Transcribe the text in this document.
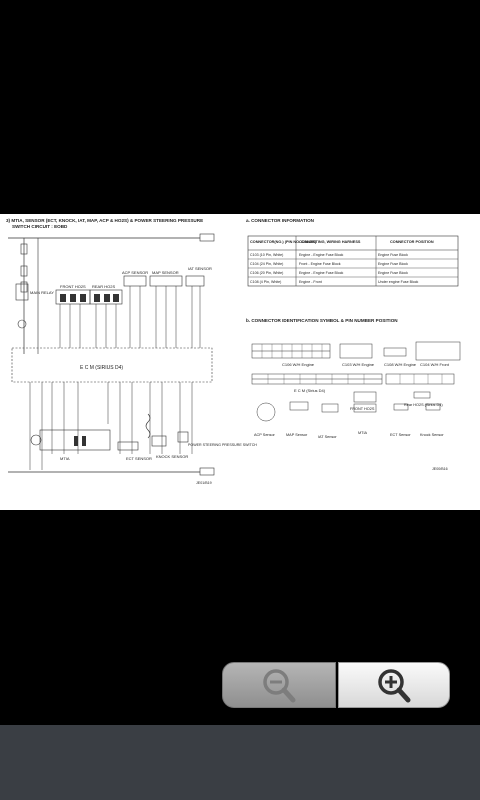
3) MTIA, SENSOR (ECT, KNOCK, IAT, MAP, ACP & HO2S) & POWER STEERING PRESSURE
SWITCH CIRCUIT : EOBD
MAIN RELAY
FRONT HO2S REAR HO2S
ACP SENSOR MAP SENSOR
IAT SENSOR
E C M (SIRIUS D4)
MTIA	ECT SENSOR KNOCK SENSOR
POWER STEERING PRESSURE SWITCH
JE01/B19
a. CONNECTOR INFORMATION
CONNECTOR(NO.) (PIN NO. COLOR)
CONNECTING, WIRING HARNESS	CONNECTOR POSITION
C103 (10 Pin, White)	Engine - Engine Fuse Block	Engine Fuse Block
C104 (24 Pin, White)	Front - Engine Fuse Block	Engine Fuse Block
C106 (20 Pin, White)	Engine - Engine Fuse Block	Engine Fuse Block
C108 (4 Pin, White)	Engine - Front	Under engine Fuse Block
b. CONNECTOR IDENTIFICATION SYMBOL & PIN NUMBER POSITION
C106 W/H Engine	C103 W/H Engine C108 W/H Engine C104 W/H Front
E C M (Sirius D4)
FRONT HO2S
Rear HO2S (Sirius D4)
ACP Sensor	MAP Sensor	IAT Sensor
MTIA	ECT Sensor Knock Sensor
JE00/B16
